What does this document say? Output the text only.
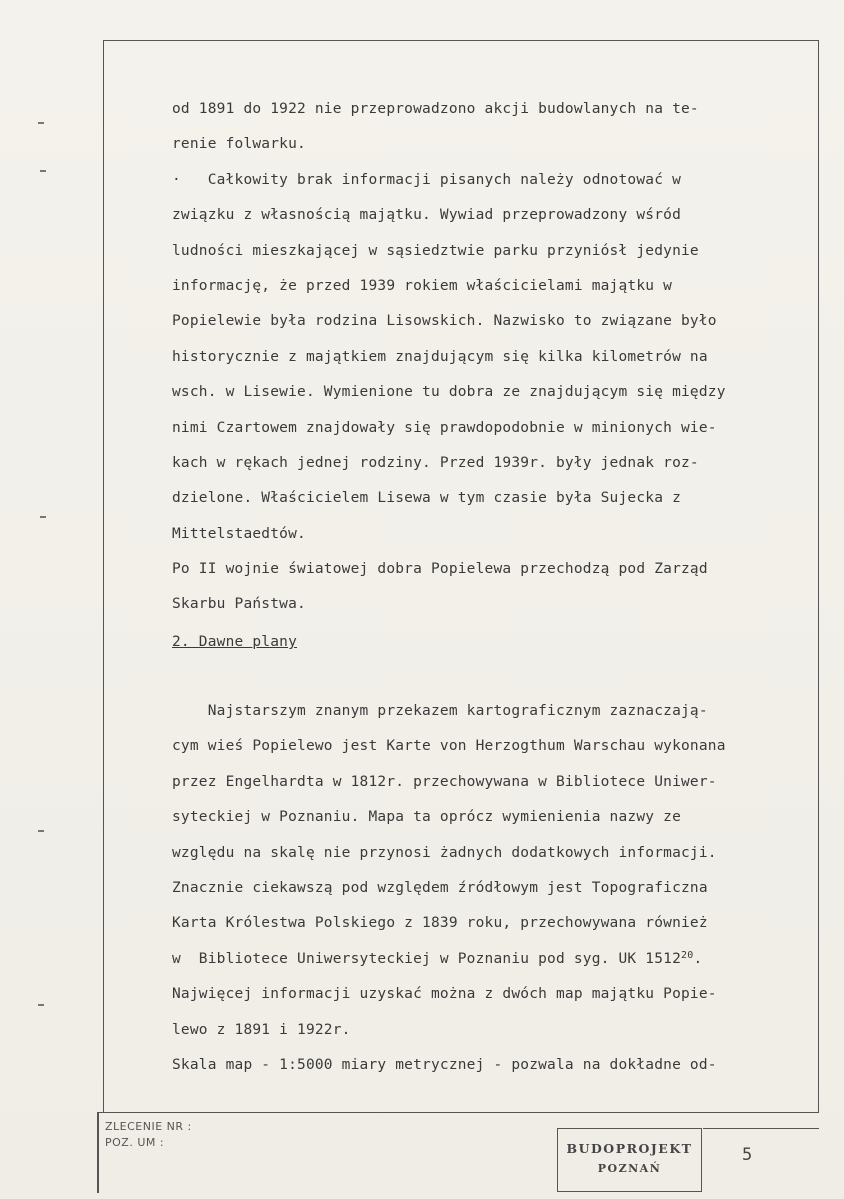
od 1891 do 1922 nie przeprowadzono akcji budowlanych na te-
renie folwarku.
·   Całkowity brak informacji pisanych należy odnotować w
związku z własnością majątku. Wywiad przeprowadzony wśród
ludności mieszkającej w sąsiedztwie parku przyniósł jedynie
informację, że przed 1939 rokiem właścicielami majątku w
Popielewie była rodzina Lisowskich. Nazwisko to związane było
historycznie z majątkiem znajdującym się kilka kilometrów na
wsch. w Lisewie. Wymienione tu dobra ze znajdującym się między
nimi Czartowem znajdowały się prawdopodobnie w minionych wie-
kach w rękach jednej rodziny. Przed 1939r. były jednak roz-
dzielone. Właścicielem Lisewa w tym czasie była Sujecka z
Mittelstaedtów.
Po II wojnie światowej dobra Popielewa przechodzą pod Zarząd
Skarbu Państwa.
2. Dawne plany
Najstarszym znanym przekazem kartograficznym zaznaczają-
cym wieś Popielewo jest Karte von Herzogthum Warschau wykonana
przez Engelhardta w 1812r. przechowywana w Bibliotece Uniwer-
syteckiej w Poznaniu. Mapa ta oprócz wymienienia nazwy ze
względu na skalę nie przynosi żadnych dodatkowych informacji.
Znacznie ciekawszą pod względem źródłowym jest Topograficzna
Karta Królestwa Polskiego z 1839 roku, przechowywana również
w  Bibliotece Uniwersyteckiej w Poznaniu pod syg. UK 1512$^{20}$.
Najwięcej informacji uzyskać można z dwóch map majątku Popie-
lewo z 1891 i 1922r.
Skala map - 1:5000 miary metrycznej - pozwala na dokładne od-
ZLECENIE NR :
POZ. UM :	BUDOPROJEKT
POZNAŃ
5
